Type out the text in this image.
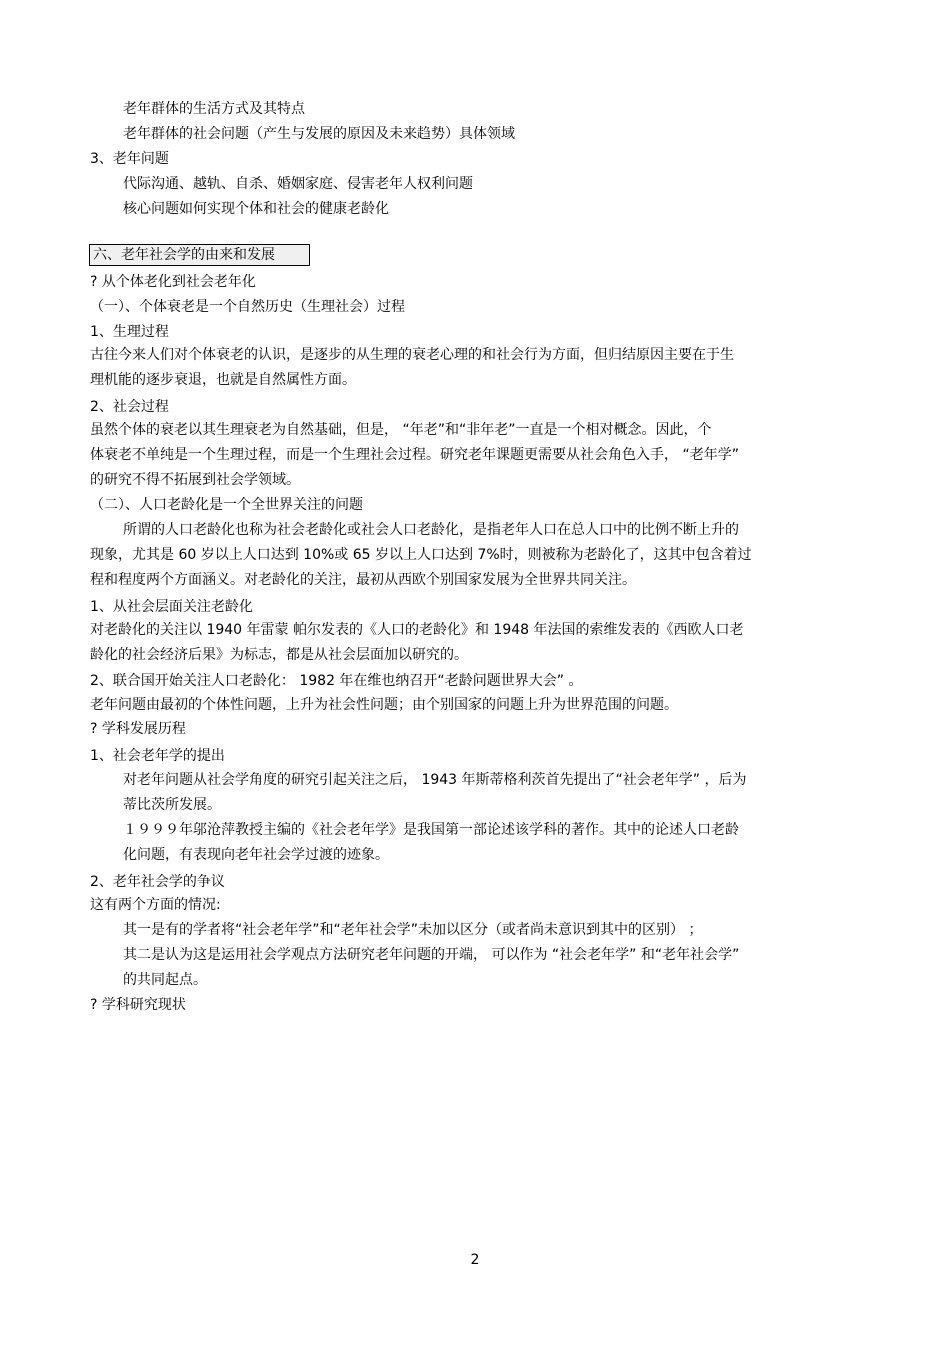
老年群体的生活方式及其特点
老年群体的社会问题（产生与发展的原因及未来趋势）具体领域
3、老年问题
代际沟通、越轨、自杀、婚姻家庭、侵害老年人权利问题
核心问题如何实现个体和社会的健康老龄化
六、老年社会学的由来和发展
? 从个体老化到社会老年化
（一）、个体衰老是一个自然历史（生理社会）过程
1、生理过程
古往今来人们对个体衰老的认识，是逐步的从生理的衰老心理的和社会行为方面，但归结原因主要在于生
理机能的逐步衰退，也就是自然属性方面。
2、社会过程
虽然个体的衰老以其生理衰老为自然基础，但是， “年老”和“非年老”一直是一个相对概念。因此，个
体衰老不单纯是一个生理过程，而是一个生理社会过程。研究老年课题更需要从社会角色入手， “老年学”
的研究不得不拓展到社会学领域。
（二）、人口老龄化是一个全世界关注的问题
所谓的人口老龄化也称为社会老龄化或社会人口老龄化，是指老年人口在总人口中的比例不断上升的
现象，尤其是 60 岁以上人口达到 10%或 65 岁以上人口达到 7%时，则被称为老龄化了，这其中包含着过
程和程度两个方面涵义。对老龄化的关注，最初从西欧个别国家发展为全世界共同关注。
1、从社会层面关注老龄化
对老龄化的关注以 1940 年雷蒙 帕尔发表的《人口的老龄化》和 1948 年法国的索维发表的《西欧人口老
龄化的社会经济后果》为标志，都是从社会层面加以研究的。
2、联合国开始关注人口老龄化： 1982 年在维也纳召开“老龄问题世界大会” 。
老年问题由最初的个体性问题，上升为社会性问题；由个别国家的问题上升为世界范围的问题。
? 学科发展历程
1、社会老年学的提出
对老年问题从社会学角度的研究引起关注之后， 1943 年斯蒂格利茨首先提出了“社会老年学” ，后为
蒂比茨所发展。
１９９９年邬沧萍教授主编的《社会老年学》是我国第一部论述该学科的著作。其中的论述人口老龄
化问题，有表现向老年社会学过渡的迹象。
2、老年社会学的争议
这有两个方面的情况:
其一是有的学者将“社会老年学”和“老年社会学”未加以区分（或者尚未意识到其中的区别） ；
其二是认为这是运用社会学观点方法研究老年问题的开端， 可以作为 “社会老年学” 和“老年社会学”
的共同起点。
? 学科研究现状
2
